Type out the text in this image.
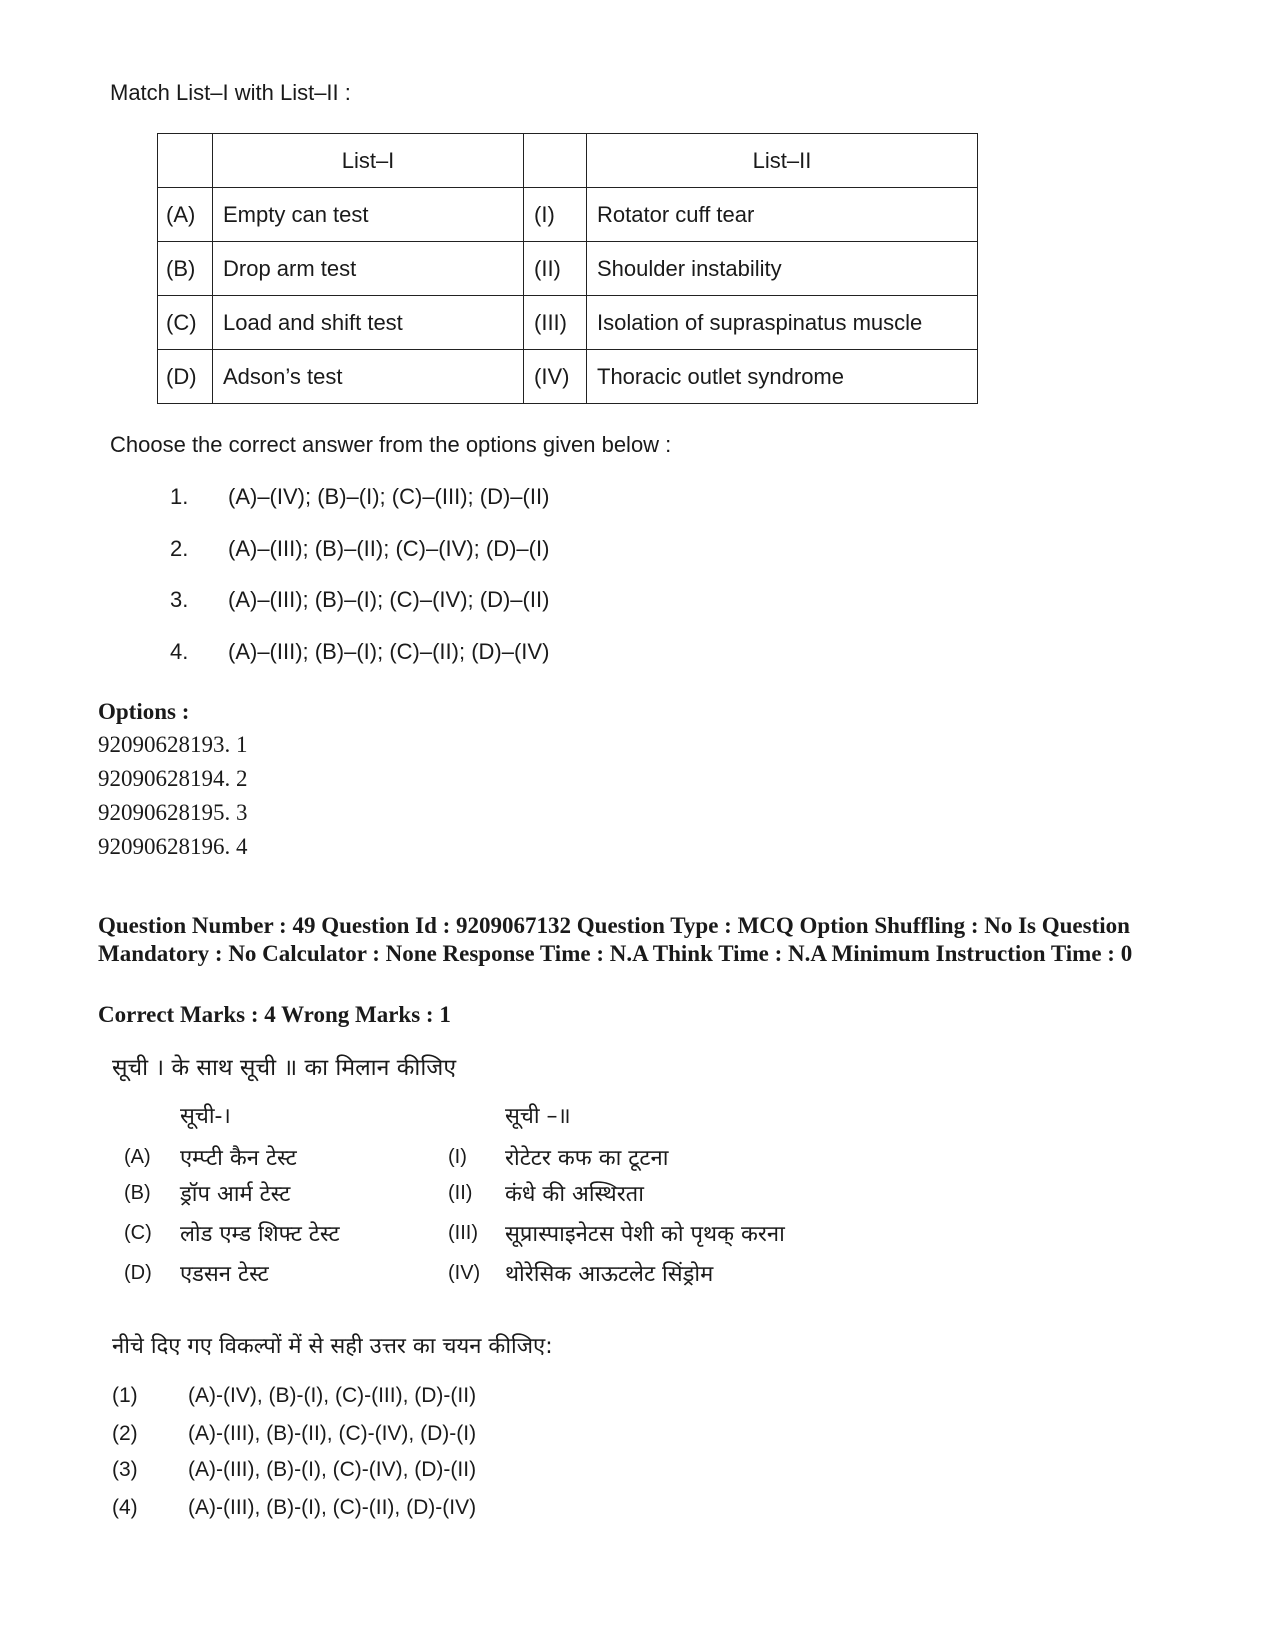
Match List–I with List–II :
	List–I		List–II
(A)	Empty can test	(I)	Rotator cuff tear
(B)	Drop arm test	(II)	Shoulder instability
(C)	Load and shift test	(III)	Isolation of supraspinatus muscle
(D)	Adson’s test	(IV)	Thoracic outlet syndrome
Choose the correct answer from the options given below :
1. (A)–(IV); (B)–(I); (C)–(III); (D)–(II)
2. (A)–(III); (B)–(II); (C)–(IV); (D)–(I)
3. (A)–(III); (B)–(I); (C)–(IV); (D)–(II)
4. (A)–(III); (B)–(I); (C)–(II); (D)–(IV)
Options :
92090628193. 1
92090628194. 2
92090628195. 3
92090628196. 4
Question Number : 49 Question Id : 9209067132 Question Type : MCQ Option Shuffling : No Is Question Mandatory : No Calculator : None Response Time : N.A Think Time : N.A Minimum Instruction Time : 0
Correct Marks : 4 Wrong Marks : 1
सूची । के साथ सूची ॥ का मिलान कीजिए
सूची-।	सूची –॥
(A) एम्प्टी कैन टेस्ट	(I) रोटेटर कफ का टूटना
(B) ड्रॉप आर्म टेस्ट	(II) कंधे की अस्थिरता
(C) लोड एम्ड शिफ्ट टेस्ट	(III) सूप्रास्पाइनेटस पेशी को पृथक् करना
(D) एडसन टेस्ट	(IV) थोरेसिक आऊटलेट सिंड्रोम
नीचे दिए गए विकल्पों में से सही उत्तर का चयन कीजिए:
(1) (A)-(IV), (B)-(I), (C)-(III), (D)-(II)
(2) (A)-(III), (B)-(II), (C)-(IV), (D)-(I)
(3) (A)-(III), (B)-(I), (C)-(IV), (D)-(II)
(4) (A)-(III), (B)-(I), (C)-(II), (D)-(IV)
